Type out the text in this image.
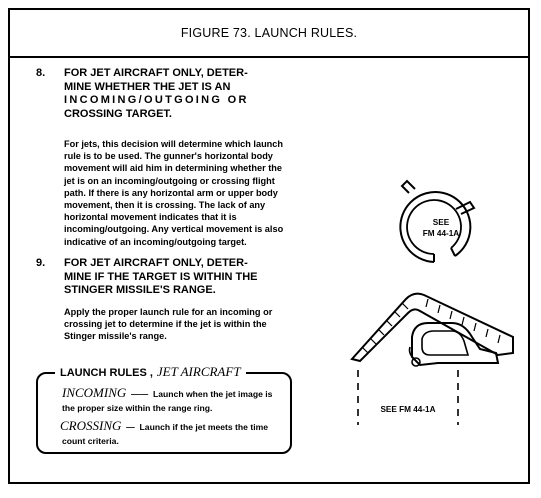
FIGURE 73. LAUNCH RULES.
8. FOR JET AIRCRAFT ONLY, DETER-
MINE WHETHER THE JET IS AN
INCOMING/OUTGOING OR
CROSSING TARGET.
For jets, this decision will determine which launch
rule is to be used. The gunner's horizontal body
movement will aid him in determining whether the
jet is on an incoming/outgoing or crossing flight
path. If there is any horizontal arm or upper body
movement, then it is crossing. The lack of any
horizontal movement indicates that it is
incoming/outgoing. Any vertical movement is also
indicative of an incoming/outgoing target.
9. FOR JET AIRCRAFT ONLY, DETER-
MINE IF THE TARGET IS WITHIN THE
STINGER MISSILE'S RANGE.
Apply the proper launch rule for an incoming or
crossing jet to determine if the jet is within the
Stinger missile's range.
LAUNCH RULES , JET AIRCRAFT
INCOMING  ——  Launch when the jet image is
the proper size within the range ring.
CROSSING  —  Launch if the jet meets the time
count criteria.
SEE
FM 44-1A
SEE FM 44-1A
